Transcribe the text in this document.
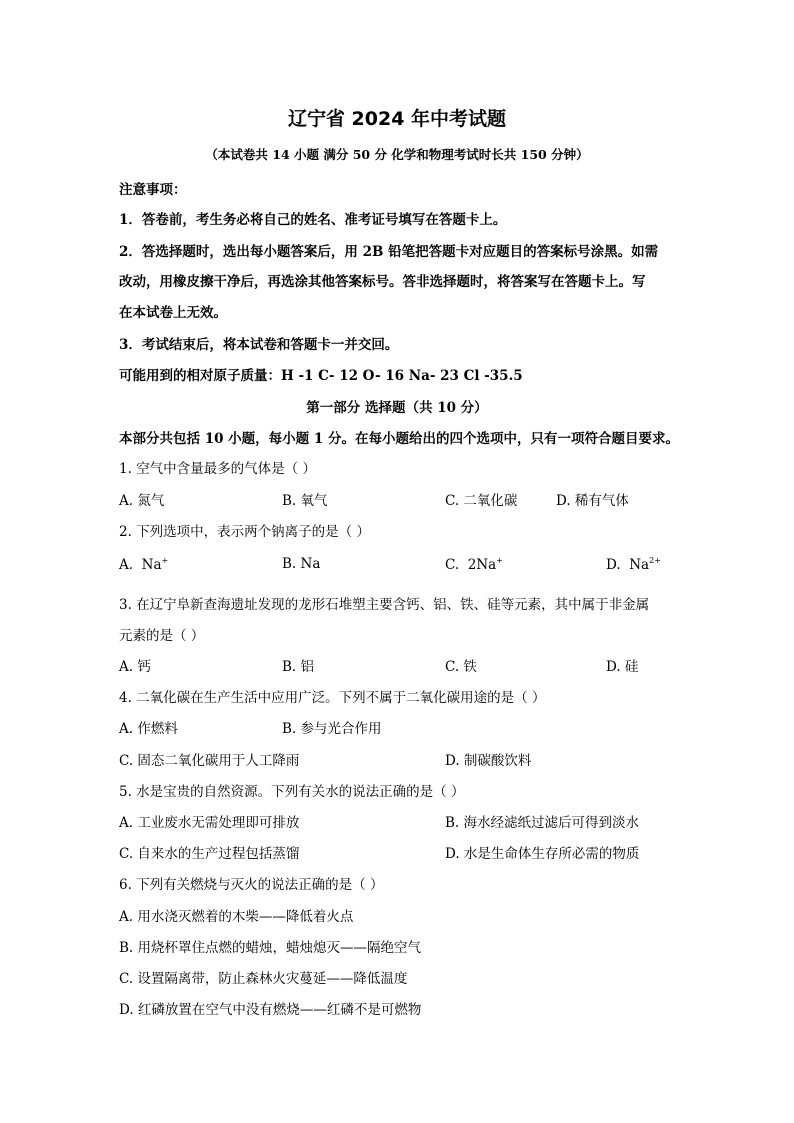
辽宁省 2024 年中考试题
（本试卷共 14 小题 满分 50 分 化学和物理考试时长共 150 分钟）
注意事项：
1．答卷前，考生务必将自己的姓名、准考证号填写在答题卡上。
2．答选择题时，选出每小题答案后，用 2B 铅笔把答题卡对应题目的答案标号涂黑。如需
改动，用橡皮擦干净后，再选涂其他答案标号。答非选择题时，将答案写在答题卡上。写
在本试卷上无效。
3．考试结束后，将本试卷和答题卡一并交回。
可能用到的相对原子质量：H -1 C- 12 O- 16 Na- 23 Cl -35.5
第一部分 选择题（共 10 分）
本部分共包括 10 小题，每小题 1 分。在每小题给出的四个选项中，只有一项符合题目要求。
1. 空气中含量最多的气体是（ ）
A. 氮气	B. 氧气	C. 二氧化碳	D. 稀有气体
2. 下列选项中，表示两个钠离子的是（ ）
A. Na+	B. Na	C. 2Na+	D. $Na^{2+}$
3. 在辽宁阜新查海遗址发现的龙形石堆塑主要含钙、铝、铁、硅等元素，其中属于非金属
元素的是（ ）
A. 钙	B. 铝	C. 铁	D. 硅
4. 二氧化碳在生产生活中应用广泛。下列不属于二氧化碳用途的是（ ）
A. 作燃料	B. 参与光合作用
C. 固态二氧化碳用于人工降雨	D. 制碳酸饮料
5. 水是宝贵的自然资源。下列有关水的说法正确的是（ ）
A. 工业废水无需处理即可排放	B. 海水经滤纸过滤后可得到淡水
C. 自来水的生产过程包括蒸馏	D. 水是生命体生存所必需的物质
6. 下列有关燃烧与灭火的说法正确的是（ ）
A. 用水浇灭燃着的木柴——降低着火点
B. 用烧杯罩住点燃的蜡烛，蜡烛熄灭——隔绝空气
C. 设置隔离带，防止森林火灾蔓延——降低温度
D. 红磷放置在空气中没有燃烧——红磷不是可燃物
